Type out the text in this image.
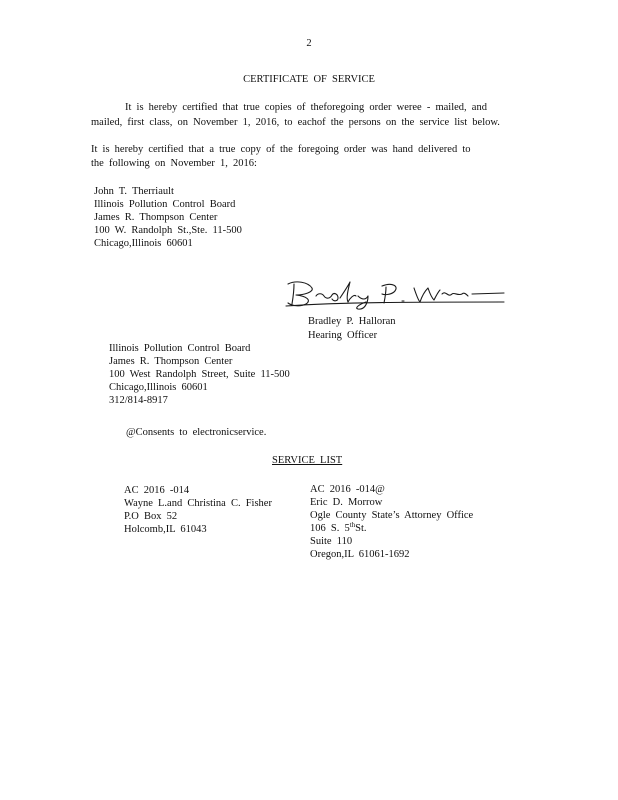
2
CERTIFICATE OF SERVICE
It is hereby certified that true copies of theforegoing order weree - mailed, and
mailed, first class, on November 1, 2016, to eachof the persons on the service list below.
It is hereby certified that a true copy of the foregoing order was hand delivered to
the following on November 1, 2016:
John T. Therriault
Illinois Pollution Control Board
James R. Thompson Center
100 W. Randolph St.,Ste. 11-500
Chicago,Illinois 60601
Bradley P. Halloran
Hearing Officer
Illinois Pollution Control Board
James R. Thompson Center
100 West Randolph Street, Suite 11-500
Chicago,Illinois 60601
312/814-8917
@Consents to electronicservice.
SERVICE LIST
AC 2016 -014
Wayne L.and Christina C. Fisher
P.O Box 52
Holcomb,IL 61043
AC 2016 -014@
Eric D. Morrow
Ogle County State’s Attorney Office
106 S. 5thSt.
Suite 110
Oregon,IL 61061-1692
